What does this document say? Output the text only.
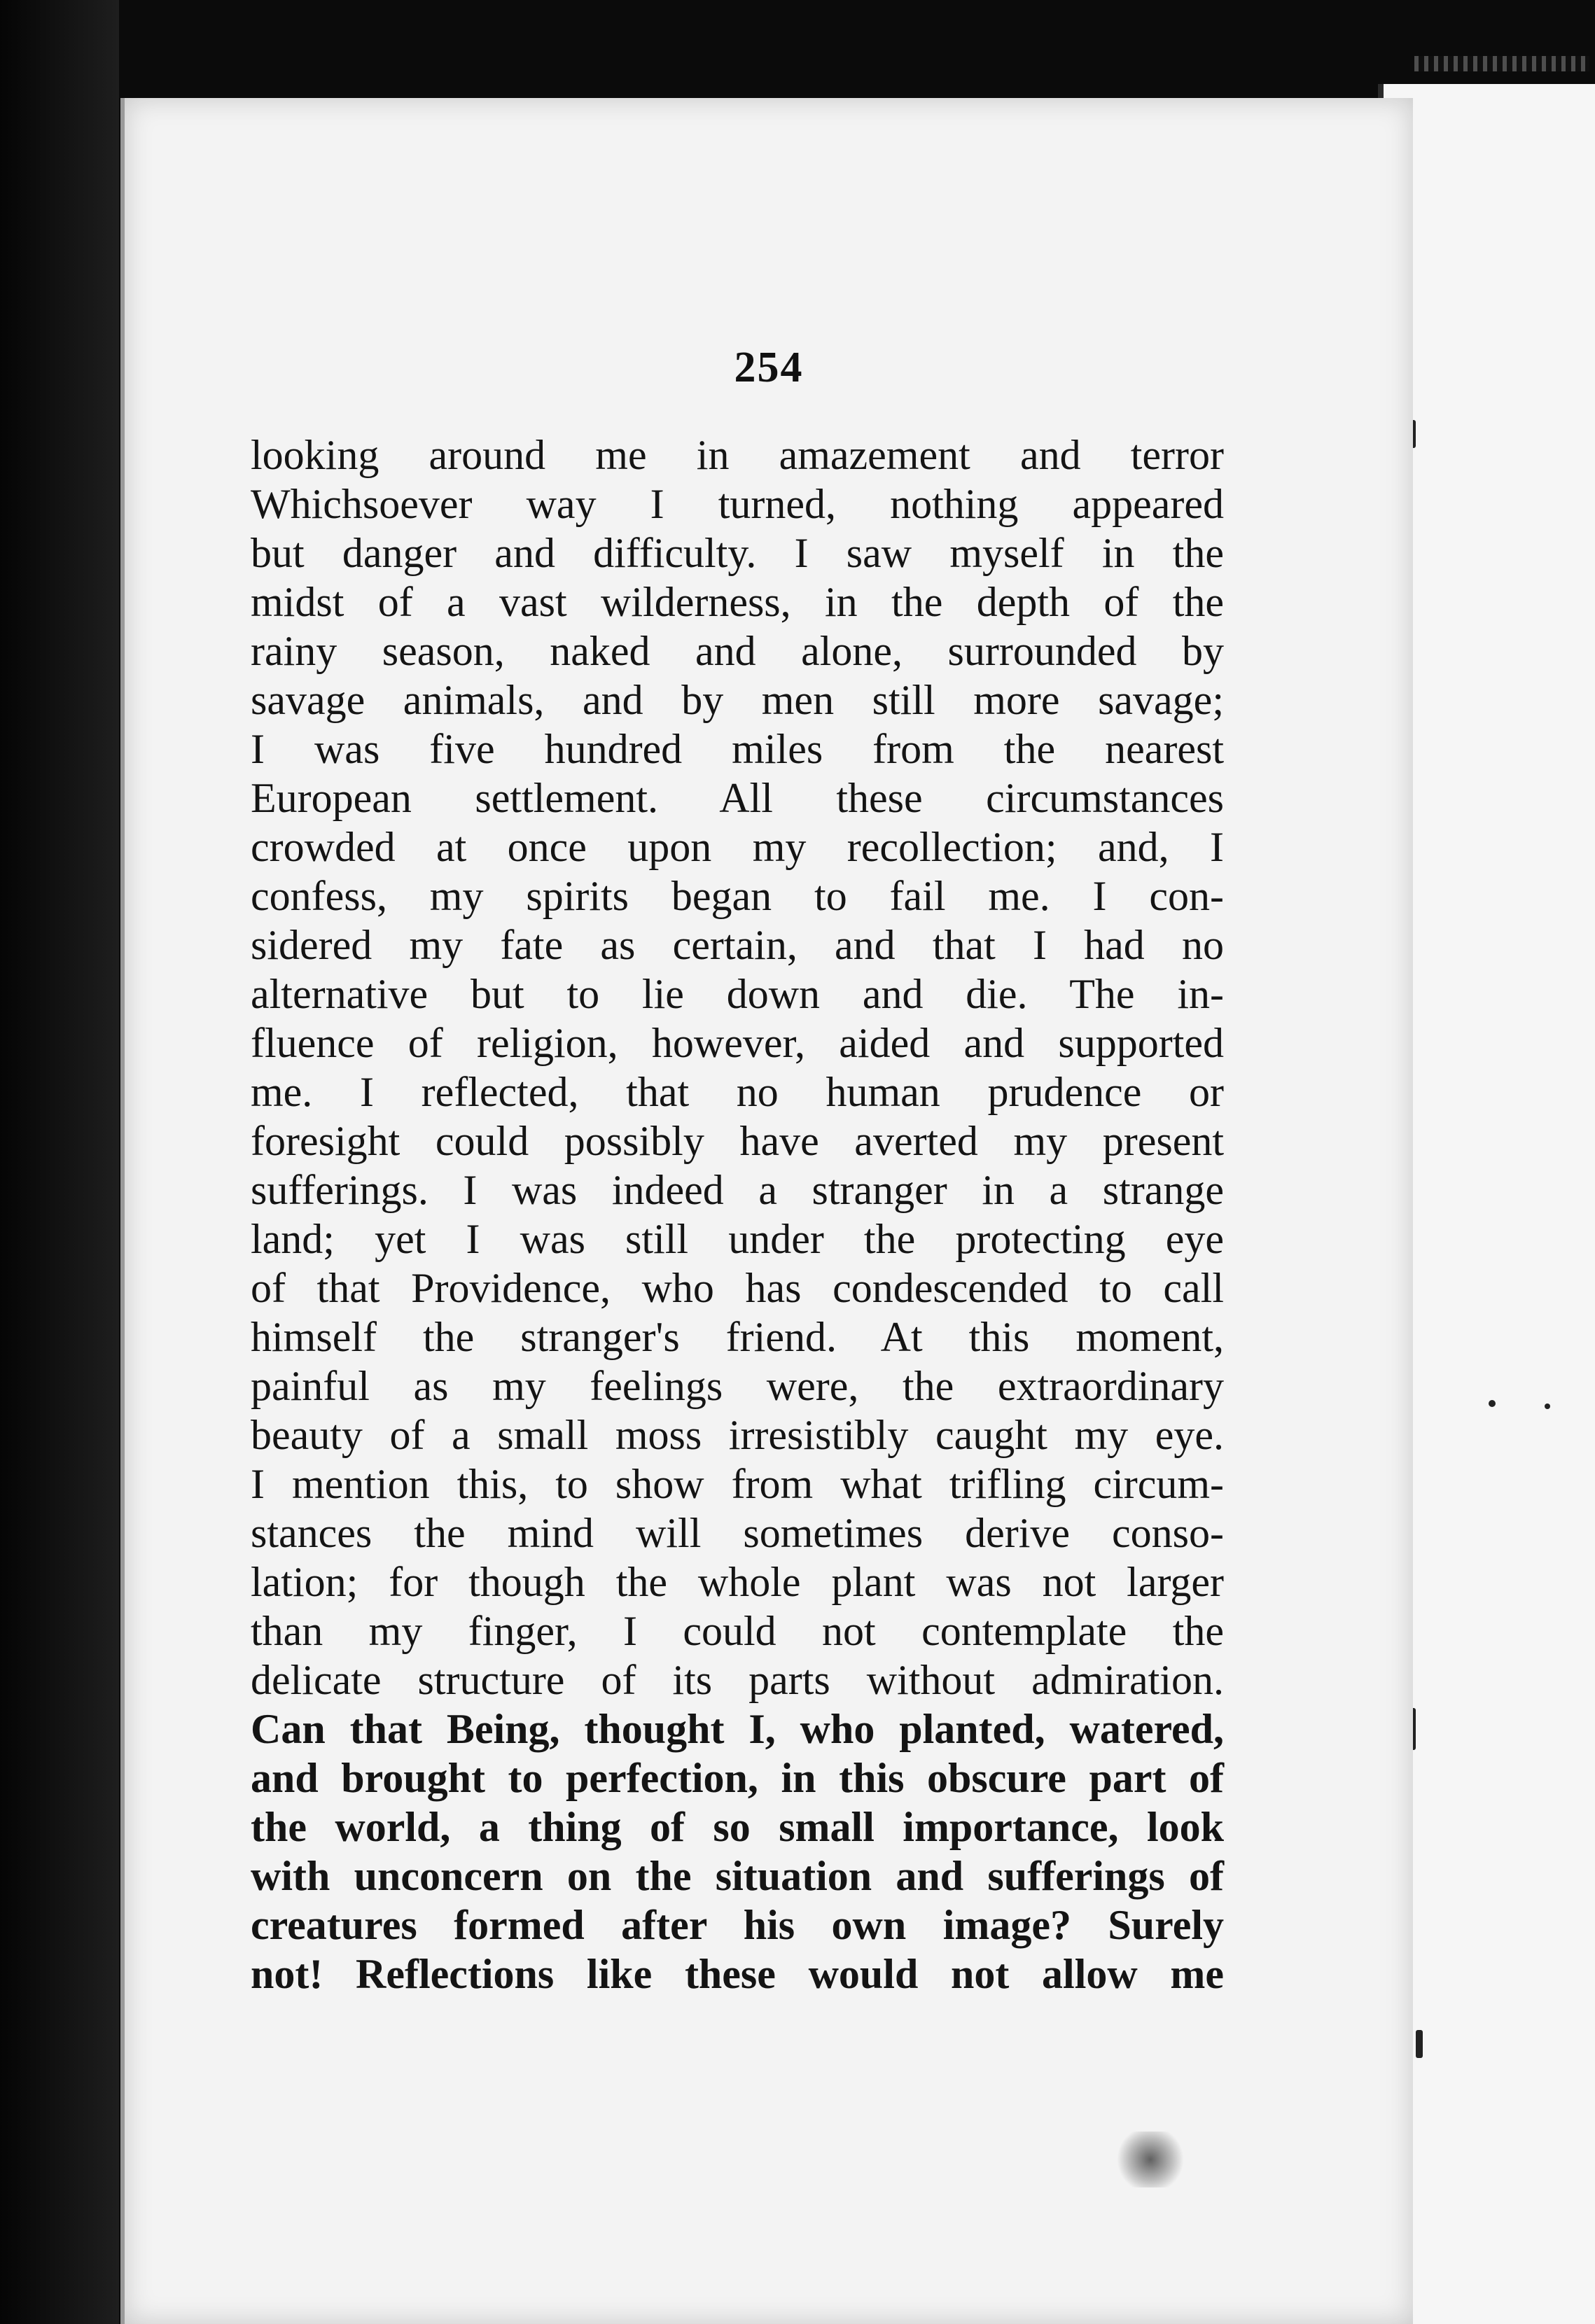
254
looking around me in amazement and terror
Whichsoever way I turned, nothing appeared
but danger and difficulty. I saw myself in the
midst of a vast wilderness, in the depth of the
rainy season, naked and alone, surrounded by
savage animals, and by men still more savage;
I was five hundred miles from the nearest
European settlement. All these circumstances
crowded at once upon my recollection; and, I
confess, my spirits began to fail me. I con-
sidered my fate as certain, and that I had no
alternative but to lie down and die. The in-
fluence of religion, however, aided and supported
me. I reflected, that no human prudence or
foresight could possibly have averted my present
sufferings. I was indeed a stranger in a strange
land; yet I was still under the protecting eye
of that Providence, who has condescended to call
himself the stranger's friend. At this moment,
painful as my feelings were, the extraordinary
beauty of a small moss irresistibly caught my eye.
I mention this, to show from what trifling circum-
stances the mind will sometimes derive conso-
lation; for though the whole plant was not larger
than my finger, I could not contemplate the
delicate structure of its parts without admiration.
Can that Being, thought I, who planted, watered,
and brought to perfection, in this obscure part of
the world, a thing of so small importance, look
with unconcern on the situation and sufferings of
creatures formed after his own image? Surely
not! Reflections like these would not allow me
